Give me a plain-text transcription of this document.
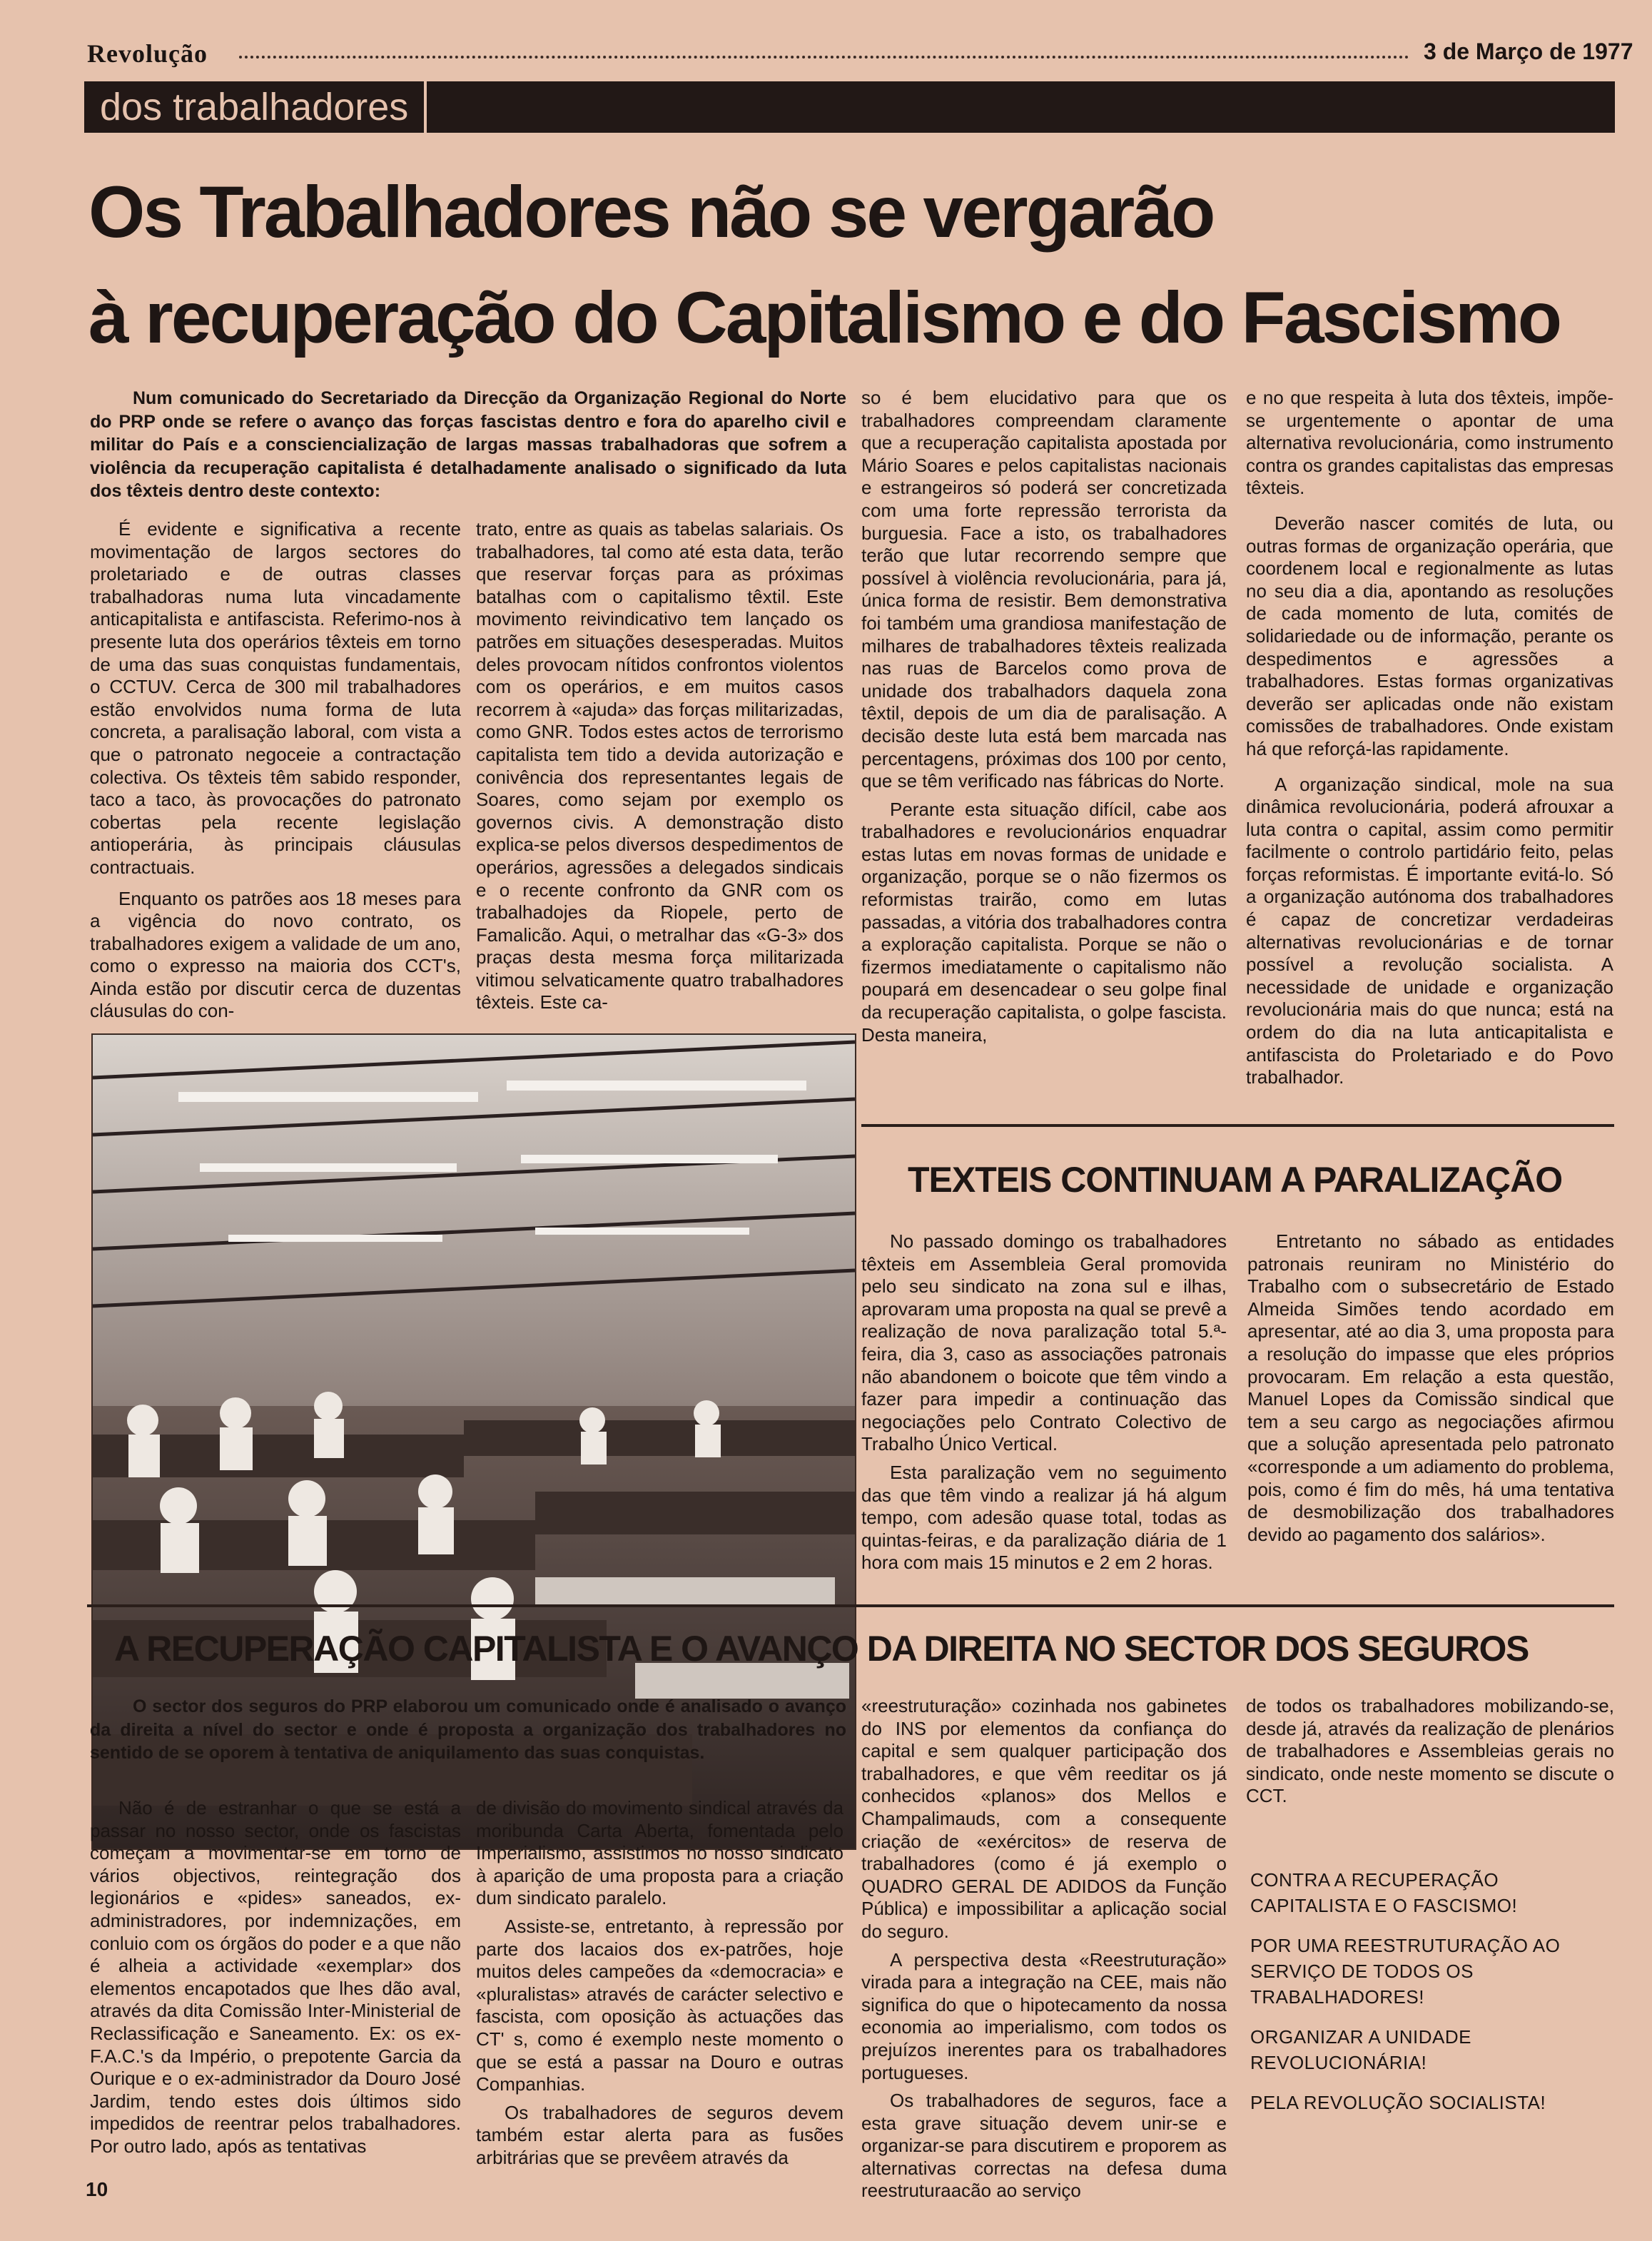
Revolução	3 de Março de 1977
dos trabalhadores
Os Trabalhadores não se vergarão
à recuperação do Capitalismo e do Fascismo
Num comunicado do Secretariado da Direcção da Organização Regional do Norte do PRP onde se refere o avanço das forças fascistas dentro e fora do aparelho civil e militar do País e a consciencialização de largas massas trabalhadoras que sofrem a violência da recuperação capitalista é detalhadamente analisado o significado da luta dos têxteis dentro deste contexto:

É evidente e significativa a recente movimentação de largos sectores do proletariado e de outras classes trabalhadoras numa luta vincadamente anticapitalista e antifascista. Referimo-nos à presente luta dos operários têxteis em torno de uma das suas conquistas fundamentais, o CCTUV. Cerca de 300 mil trabalhadores estão envolvidos numa forma de luta concreta, a paralisação laboral, com vista a que o patronato negoceie a contractação colectiva. Os têxteis têm sabido responder, taco a taco, às provocações do patronato cobertas pela recente legislação antioperária, às principais cláusulas contractuais.

Enquanto os patrões aos 18 meses para a vigência do novo contrato, os trabalhadores exigem a validade de um ano, como o expresso na maioria dos CCT's, Ainda estão por discutir cerca de duzentas cláusulas do con-

trato, entre as quais as tabelas salariais. Os trabalhadores, tal como até esta data, terão que reservar forças para as próximas batalhas com o capitalismo têxtil. Este movimento reivindicativo tem lançado os patrões em situações desesperadas. Muitos deles provocam nítidos confrontos violentos com os operários, e em muitos casos recorrem à «ajuda» das forças militarizadas, como GNR. Todos estes actos de terrorismo capitalista tem tido a devida autorização e conivência dos representantes legais de Soares, como sejam por exemplo os governos civis. A demonstração disto explica-se pelos diversos despedimentos de operários, agressões a delegados sindicais e o recente confronto da GNR com os trabalhadojes da Riopele, perto de Famalicão. Aqui, o metralhar das «G-3» dos praças desta mesma força militarizada vitimou selvaticamente quatro trabalhadores têxteis. Este ca-

so é bem elucidativo para que os trabalhadores compreendam claramente que a recuperação capitalista apostada por Mário Soares e pelos capitalistas nacionais e estrangeiros só poderá ser concretizada com uma forte repressão terrorista da burguesia. Face a isto, os trabalhadores terão que lutar recorrendo sempre que possível à violência revolucionária, para já, única forma de resistir. Bem demonstrativa foi também uma grandiosa manifestação de milhares de trabalhadores têxteis realizada nas ruas de Barcelos como prova de unidade dos trabalhadors daquela zona têxtil, depois de um dia de paralisação. A decisão deste luta está bem marcada nas percentagens, próximas dos 100 por cento, que se têm verificado nas fábricas do Norte.

Perante esta situação difícil, cabe aos trabalhadores e revolucionários enquadrar estas lutas em novas formas de unidade e organização, porque se o não fizermos os reformistas trairão, como em lutas passadas, a vitória dos trabalhadores contra a exploração capitalista. Porque se não o fizermos imediatamente o capitalismo não poupará em desencadear o seu golpe final da recuperação capitalista, o golpe fascista. Desta maneira,

e no que respeita à luta dos têxteis, impõe-se urgentemente o apontar de uma alternativa revolucionária, como instrumento contra os grandes capitalistas das empresas têxteis.

Deverão nascer comités de luta, ou outras formas de organização operária, que coordenem local e regionalmente as lutas no seu dia a dia, apontando as resoluções de cada momento de luta, comités de solidariedade ou de informação, perante os despedimentos e agressões a trabalhadores. Estas formas organizativas deverão ser aplicadas onde não existam comissões de trabalhadores. Onde existam há que reforçá-las rapidamente.

A organização sindical, mole na sua dinâmica revolucionária, poderá afrouxar a luta contra o capital, assim como permitir facilmente o controlo partidário feito, pelas forças reformistas. É importante evitá-lo. Só a organização autónoma dos trabalhadores é capaz de concretizar verdadeiras alternativas revolucionárias e de tornar possível a revolução socialista. A necessidade de unidade e organização revolucionária mais do que nunca; está na ordem do dia na luta anticapitalista e antifascista do Proletariado e do Povo trabalhador.

TEXTEIS CONTINUAM A PARALIZAÇÃO

No passado domingo os trabalhadores têxteis em Assembleia Geral promovida pelo seu sindicato na zona sul e ilhas, aprovaram uma proposta na qual se prevê a realização de nova paralização total 5.ª-feira, dia 3, caso as associações patronais não abandonem o boicote que têm vindo a fazer para impedir a continuação das negociações pelo Contrato Colectivo de Trabalho Único Vertical.

Esta paralização vem no seguimento das que têm vindo a realizar já há algum tempo, com adesão quase total, todas as quintas-feiras, e da paralização diária de 1 hora com mais 15 minutos e 2 em 2 horas.

Entretanto no sábado as entidades patronais reuniram no Ministério do Trabalho com o subsecretário de Estado Almeida Simões tendo acordado em apresentar, até ao dia 3, uma proposta para a resolução do impasse que eles próprios provocaram. Em relação a esta questão, Manuel Lopes da Comissão sindical que tem a seu cargo as negociações afirmou que a solução apresentada pelo patronato «corresponde a um adiamento do problema, pois, como é fim do mês, há uma tentativa de desmobilização dos trabalhadores devido ao pagamento dos salários».

A RECUPERAÇÃO CAPITALISTA E O AVANÇO DA DIREITA NO SECTOR DOS SEGUROS
O sector dos seguros do PRP elaborou um comunicado onde é analisado o avanço da direita a nível do sector e onde é proposta a organização dos trabalhadores no sentido de se oporem à tentativa de aniquilamento das suas conquistas.

Não é de estranhar o que se está a passar no nosso sector, onde os fascistas começam a movimentar-se em torno de vários objectivos, reintegração dos legionários e «pides» saneados, ex-administradores, por indemnizações, em conluio com os órgãos do poder e a que não é alheia a actividade «exemplar» dos elementos encapotados que lhes dão aval, através da dita Comissão Inter-Ministerial de Reclassificação e Saneamento. Ex: os ex-F.A.C.'s da Império, o prepotente Garcia da Ourique e o ex-administrador da Douro José Jardim, tendo estes dois últimos sido impedidos de reentrar pelos trabalhadores. Por outro lado, após as tentativas

de divisão do movimento sindical através da moribunda Carta Aberta, fomentada pelo Imperialismo, assistimos no nosso sindicato à aparição de uma proposta para a criação dum sindicato paralelo.

Assiste-se, entretanto, à repressão por parte dos lacaios dos ex-patrões, hoje muitos deles campeões da «democracia» e «pluralistas» através de carácter selectivo e fascista, com oposição às actuações das CT' s, como é exemplo neste momento o que se está a passar na Douro e outras Companhias.

Os trabalhadores de seguros devem também estar alerta para as fusões arbitrárias que se prevêem através da

«reestruturação» cozinhada nos gabinetes do INS por elementos da confiança do capital e sem qualquer participação dos trabalhadores, e que vêm reeditar os já conhecidos «planos» dos Mellos e Champalimauds, com a consequente criação de «exércitos» de reserva de trabalhadores (como é já exemplo o QUADRO GERAL DE ADIDOS da Função Pública) e impossibilitar a aplicação social do seguro.

A perspectiva desta «Reestruturação» virada para a integração na CEE, mais não significa do que o hipotecamento da nossa economia ao imperialismo, com todos os prejuízos inerentes para os trabalhadores portugueses.

Os trabalhadores de seguros, face a esta grave situação devem unir-se e organizar-se para discutirem e proporem as alternativas correctas na defesa duma reestruturaacão ao serviço

de todos os trabalhadores mobilizando-se, desde já, através da realização de plenários de trabalhadores e Assembleias gerais no sindicato, onde neste momento se discute o CCT.

CONTRA A RECUPERAÇÃO CAPITALISTA E O FASCISMO!
POR UMA REESTRUTURAÇÃO AO SERVIÇO DE TODOS OS TRABALHADORES!
ORGANIZAR A UNIDADE REVOLUCIONÁRIA!
PELA REVOLUÇÃO SOCIALISTA!
10
